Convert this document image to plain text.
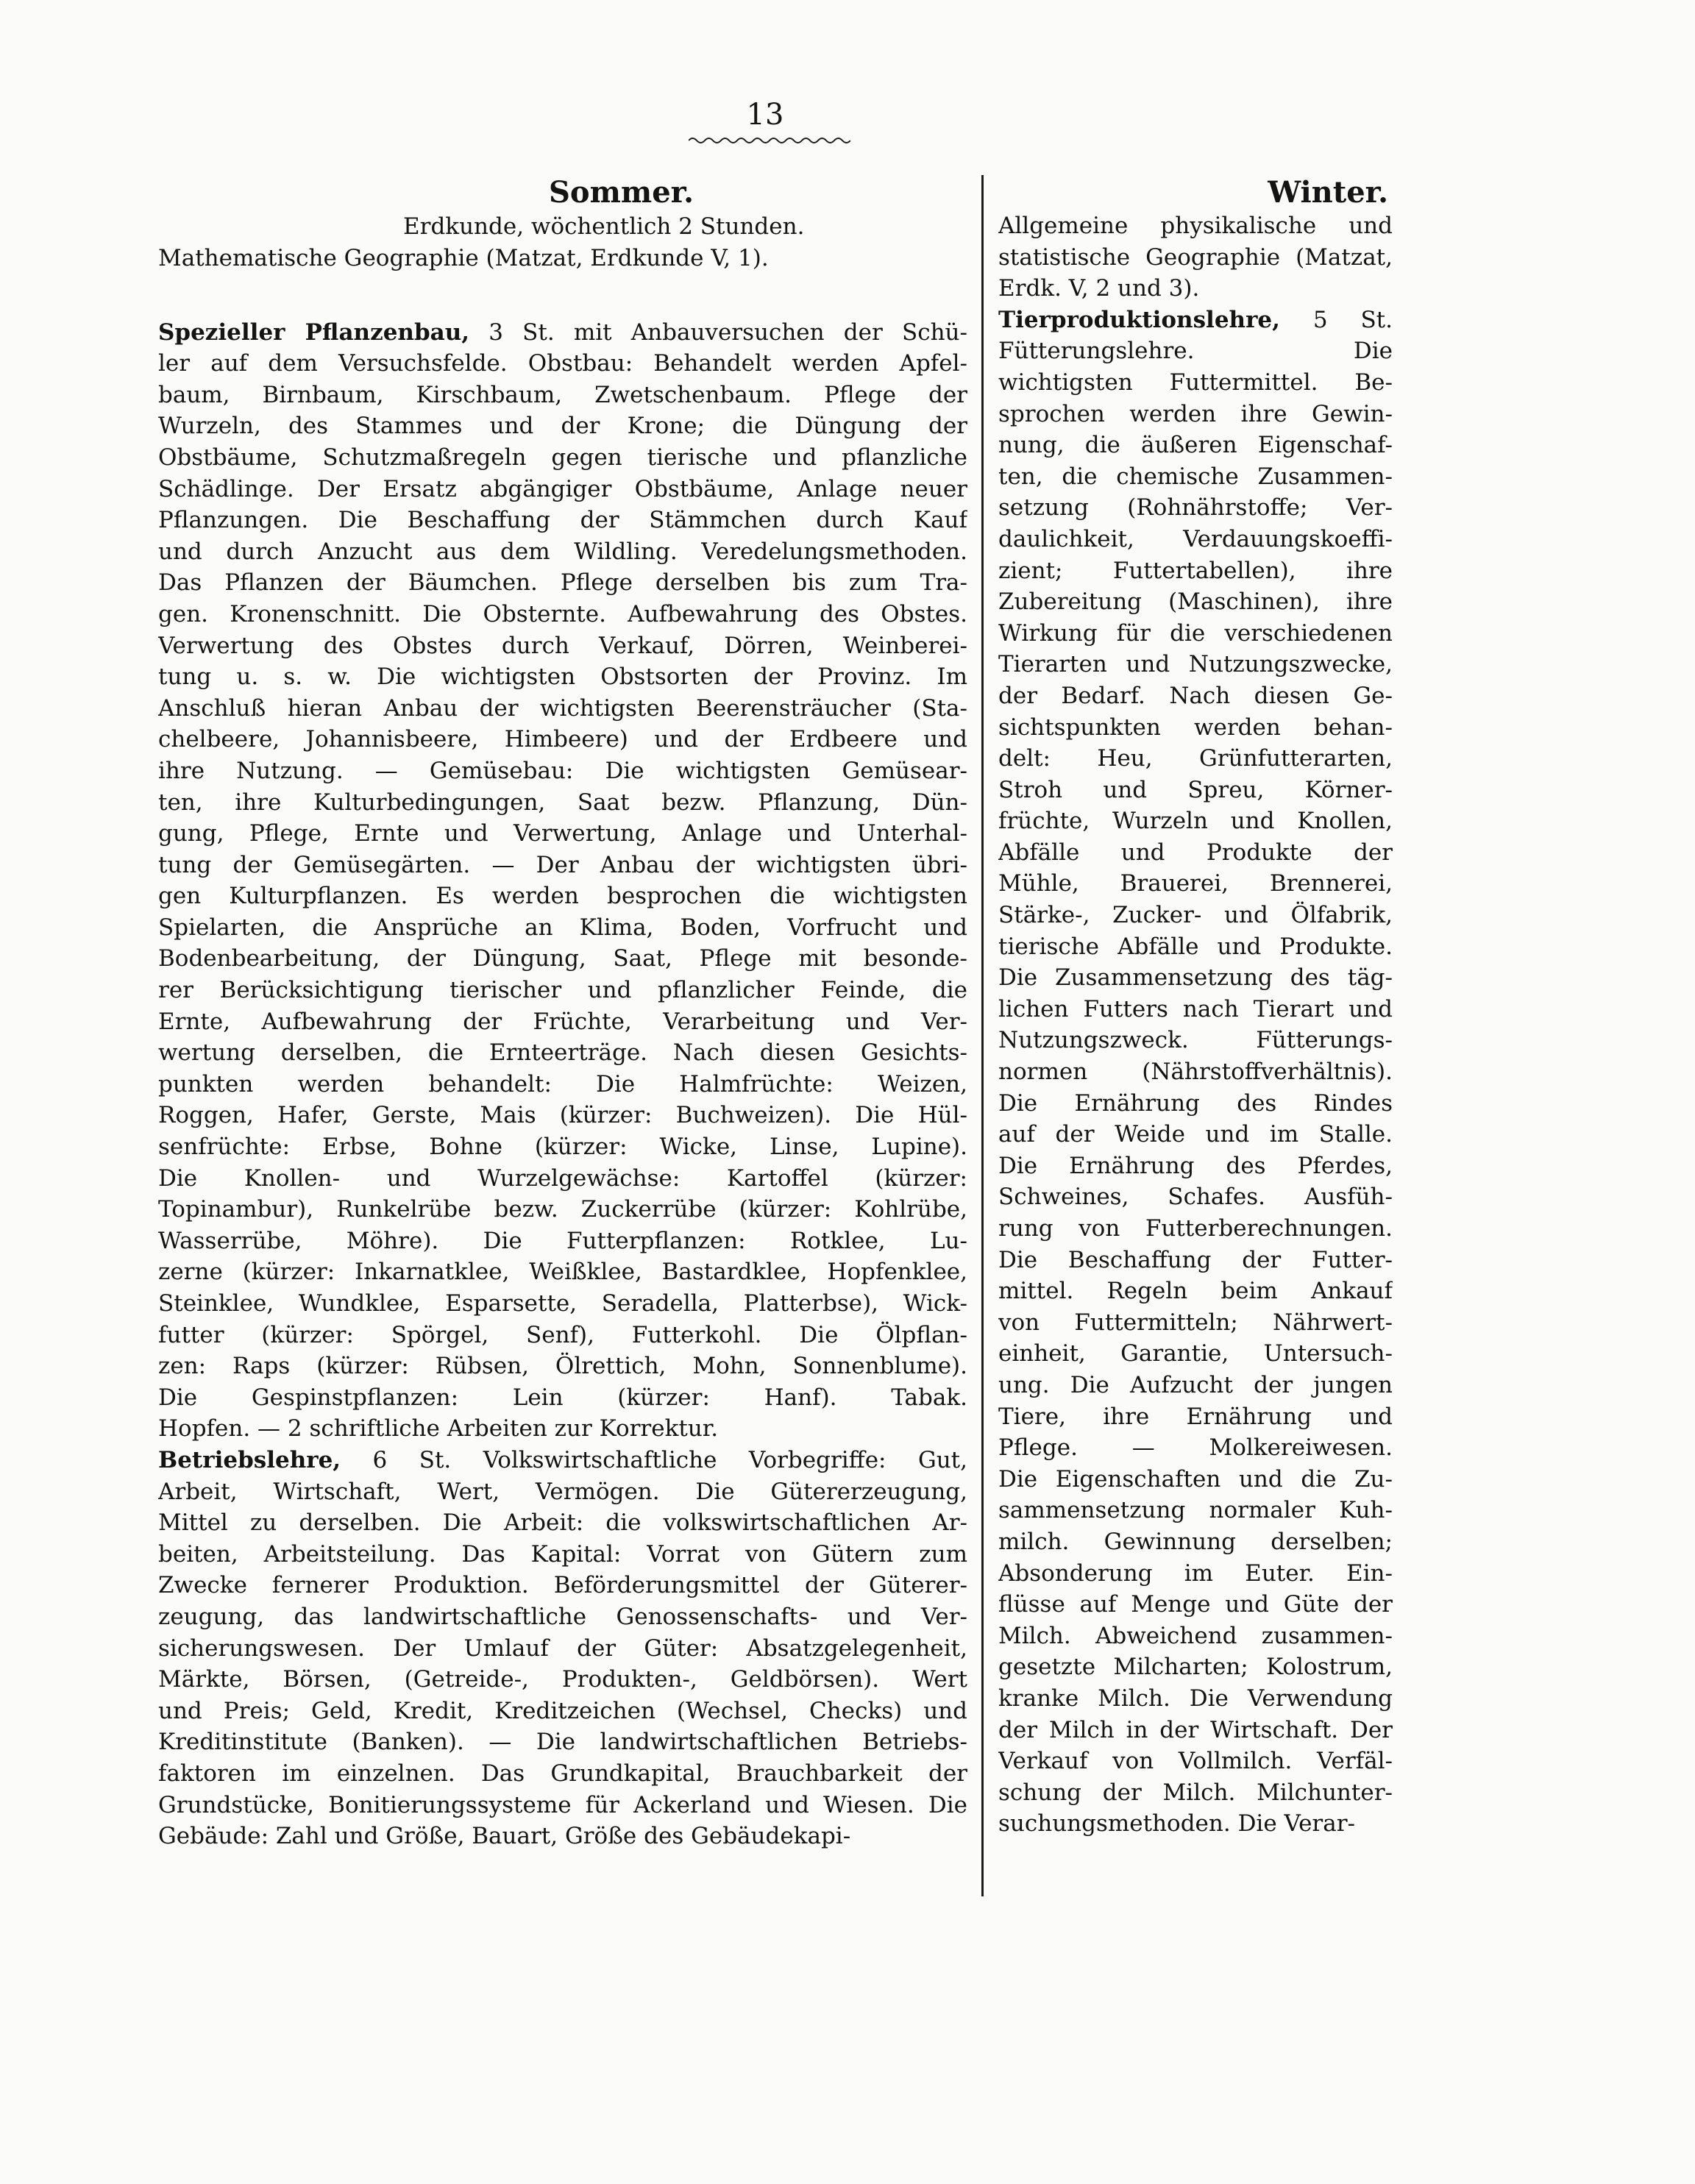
13
Sommer.
Erdkunde, wöchentlich 2 Stunden.
Mathematische Geographie (Matzat, Erdkunde V, 1).
Spezieller Pflanzenbau, 3 St. mit Anbauversuchen der Schü-
ler auf dem Versuchsfelde. Obstbau: Behandelt werden Apfel-
baum, Birnbaum, Kirschbaum, Zwetschenbaum. Pflege der
Wurzeln, des Stammes und der Krone; die Düngung der
Obstbäume, Schutzmaßregeln gegen tierische und pflanzliche
Schädlinge. Der Ersatz abgängiger Obstbäume, Anlage neuer
Pflanzungen. Die Beschaffung der Stämmchen durch Kauf
und durch Anzucht aus dem Wildling. Veredelungsmethoden.
Das Pflanzen der Bäumchen. Pflege derselben bis zum Tra-
gen. Kronenschnitt. Die Obsternte. Aufbewahrung des Obstes.
Verwertung des Obstes durch Verkauf, Dörren, Weinberei-
tung u. s. w. Die wichtigsten Obstsorten der Provinz. Im
Anschluß hieran Anbau der wichtigsten Beerensträucher (Sta-
chelbeere, Johannisbeere, Himbeere) und der Erdbeere und
ihre Nutzung. — Gemüsebau: Die wichtigsten Gemüsear-
ten, ihre Kulturbedingungen, Saat bezw. Pflanzung, Dün-
gung, Pflege, Ernte und Verwertung, Anlage und Unterhal-
tung der Gemüsegärten. — Der Anbau der wichtigsten übri-
gen Kulturpflanzen. Es werden besprochen die wichtigsten
Spielarten, die Ansprüche an Klima, Boden, Vorfrucht und
Bodenbearbeitung, der Düngung, Saat, Pflege mit besonde-
rer Berücksichtigung tierischer und pflanzlicher Feinde, die
Ernte, Aufbewahrung der Früchte, Verarbeitung und Ver-
wertung derselben, die Ernteerträge. Nach diesen Gesichts-
punkten werden behandelt: Die Halmfrüchte: Weizen,
Roggen, Hafer, Gerste, Mais (kürzer: Buchweizen). Die Hül-
senfrüchte: Erbse, Bohne (kürzer: Wicke, Linse, Lupine).
Die Knollen- und Wurzelgewächse: Kartoffel (kürzer:
Topinambur), Runkelrübe bezw. Zuckerrübe (kürzer: Kohlrübe,
Wasserrübe, Möhre). Die Futterpflanzen: Rotklee, Lu-
zerne (kürzer: Inkarnatklee, Weißklee, Bastardklee, Hopfenklee,
Steinklee, Wundklee, Esparsette, Seradella, Platterbse), Wick-
futter (kürzer: Spörgel, Senf), Futterkohl. Die Ölpflan-
zen: Raps (kürzer: Rübsen, Ölrettich, Mohn, Sonnenblume).
Die Gespinstpflanzen: Lein (kürzer: Hanf). Tabak.
Hopfen. — 2 schriftliche Arbeiten zur Korrektur.
Betriebslehre, 6 St. Volkswirtschaftliche Vorbegriffe: Gut,
Arbeit, Wirtschaft, Wert, Vermögen. Die Gütererzeugung,
Mittel zu derselben. Die Arbeit: die volkswirtschaftlichen Ar-
beiten, Arbeitsteilung. Das Kapital: Vorrat von Gütern zum
Zwecke fernerer Produktion. Beförderungsmittel der Güterer-
zeugung, das landwirtschaftliche Genossenschafts- und Ver-
sicherungswesen. Der Umlauf der Güter: Absatzgelegenheit,
Märkte, Börsen, (Getreide-, Produkten-, Geldbörsen). Wert
und Preis; Geld, Kredit, Kreditzeichen (Wechsel, Checks) und
Kreditinstitute (Banken). — Die landwirtschaftlichen Betriebs-
faktoren im einzelnen. Das Grundkapital, Brauchbarkeit der
Grundstücke, Bonitierungssysteme für Ackerland und Wiesen. Die
Gebäude: Zahl und Größe, Bauart, Größe des Gebäudekapi-
Winter.
Allgemeine physikalische und
statistische Geographie (Matzat,
Erdk. V, 2 und 3).
Tierproduktionslehre, 5 St.
Fütterungslehre. Die
wichtigsten Futtermittel. Be-
sprochen werden ihre Gewin-
nung, die äußeren Eigenschaf-
ten, die chemische Zusammen-
setzung (Rohnährstoffe; Ver-
daulichkeit, Verdauungskoeffi-
zient; Futtertabellen), ihre
Zubereitung (Maschinen), ihre
Wirkung für die verschiedenen
Tierarten und Nutzungszwecke,
der Bedarf. Nach diesen Ge-
sichtspunkten werden behan-
delt: Heu, Grünfutterarten,
Stroh und Spreu, Körner-
früchte, Wurzeln und Knollen,
Abfälle und Produkte der
Mühle, Brauerei, Brennerei,
Stärke-, Zucker- und Ölfabrik,
tierische Abfälle und Produkte.
Die Zusammensetzung des täg-
lichen Futters nach Tierart und
Nutzungszweck. Fütterungs-
normen (Nährstoffverhältnis).
Die Ernährung des Rindes
auf der Weide und im Stalle.
Die Ernährung des Pferdes,
Schweines, Schafes. Ausfüh-
rung von Futterberechnungen.
Die Beschaffung der Futter-
mittel. Regeln beim Ankauf
von Futtermitteln; Nährwert-
einheit, Garantie, Untersuch-
ung. Die Aufzucht der jungen
Tiere, ihre Ernährung und
Pflege. — Molkereiwesen.
Die Eigenschaften und die Zu-
sammensetzung normaler Kuh-
milch. Gewinnung derselben;
Absonderung im Euter. Ein-
flüsse auf Menge und Güte der
Milch. Abweichend zusammen-
gesetzte Milcharten; Kolostrum,
kranke Milch. Die Verwendung
der Milch in der Wirtschaft. Der
Verkauf von Vollmilch. Verfäl-
schung der Milch. Milchunter-
suchungsmethoden. Die Verar-
